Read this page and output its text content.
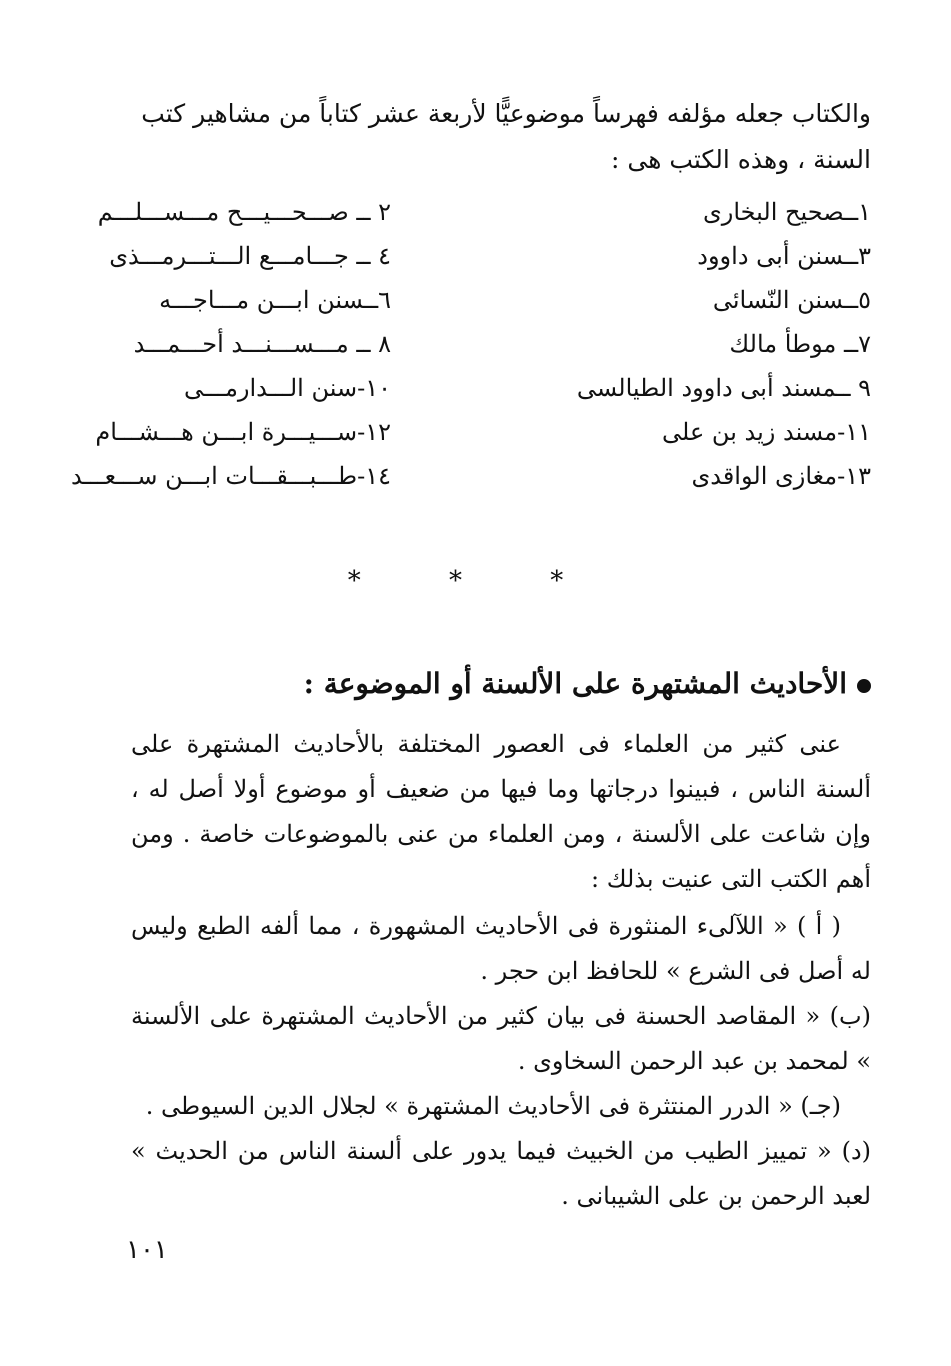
والكتاب جعله مؤلفه فهرساً موضوعيًّا لأربعة عشر كتاباً من مشاهير كتب
السنة ، وهذه الكتب هى :
١ــصحيح البخارى
٢ ــ صـــحـــيـــح مـــســـلـــم
٣ــسنن أبى داوود
٤ ــ جـــامـــع الـــتـــرمـــذى
٥ــسنن النّسائى
٦ــسنن ابـــن مـــاجـــه
٧ــ موطأ مالك
٨ ــ مـــســـنـــد أحـــمـــد
٩ ــمسند أبى داوود الطيالسى
١٠-سنن الـــدارمـــى
١١-مسند زيد بن على
١٢-ســـيـــرة ابـــن هـــشـــام
١٣-مغازى الواقدى
١٤-طـــبـــقـــات ابـــن ســـعـــد
* * *
الأحاديث المشتهرة على الألسنة أو الموضوعة :

عنى كثير من العلماء فى العصور المختلفة بالأحاديث المشتهرة على ألسنة الناس ، فبينوا درجاتها وما فيها من ضعيف أو موضوع أولا أصل له ، وإن شاعت على الألسنة ، ومن العلماء من عنى بالموضوعات خاصة . ومن أهم الكتب التى عنيت بذلك :

( أ ) « اللآلىء المنثورة فى الأحاديث المشهورة ، مما ألفه الطبع وليس له أصل فى الشرع » للحافظ ابن حجر .

(ب) « المقاصد الحسنة فى بيان كثير من الأحاديث المشتهرة على الألسنة » لمحمد بن عبد الرحمن السخاوى .

(جـ) « الدرر المنتثرة فى الأحاديث المشتهرة » لجلال الدين السيوطى .

(د) « تمييز الطيب من الخبيث فيما يدور على ألسنة الناس من الحديث » لعبد الرحمن بن على الشيبانى .

١٠١
